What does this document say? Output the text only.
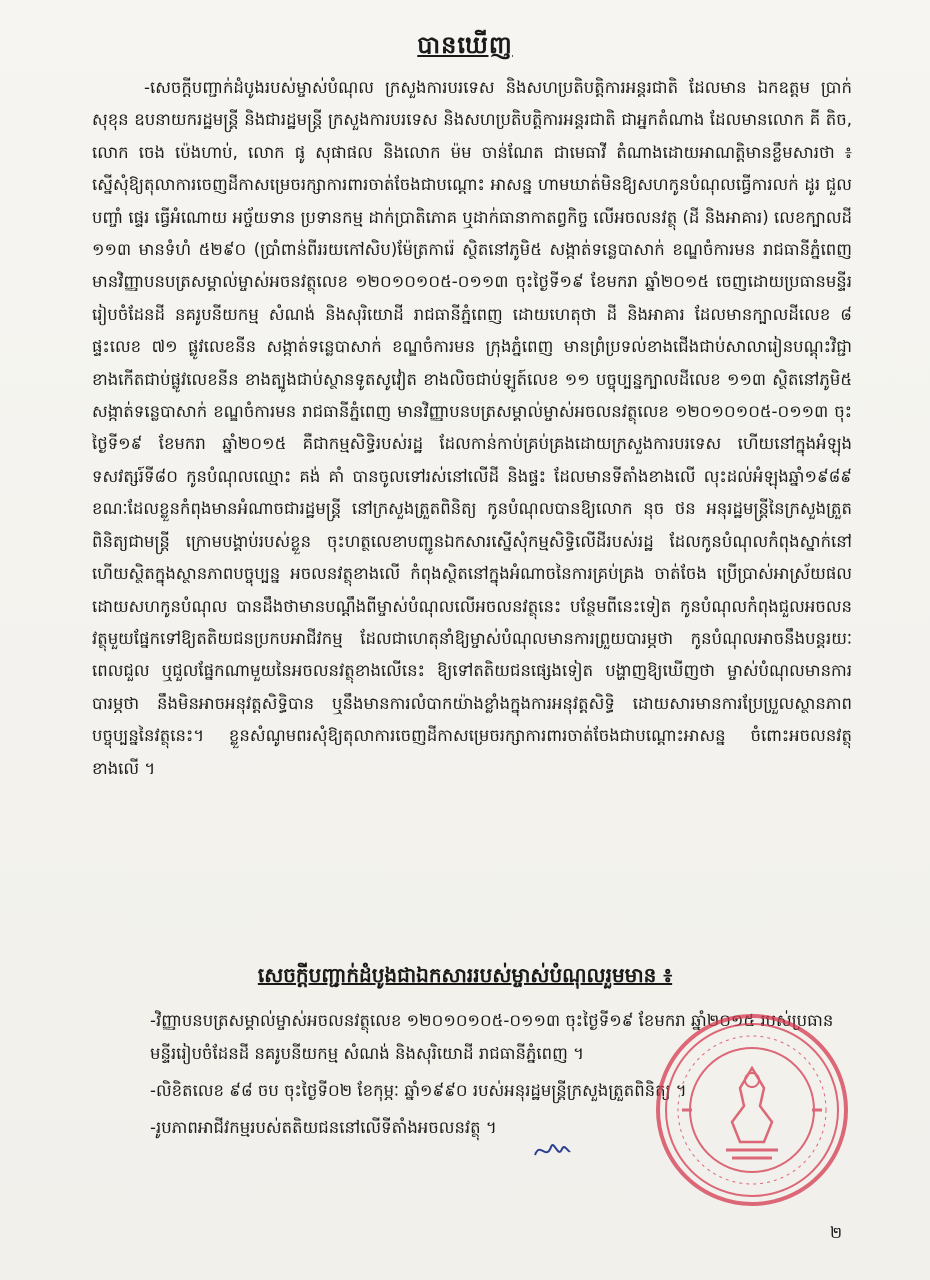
បានឃើញ

-សេចក្តីបញ្ជាក់ដំបូងរបស់ម្ចាស់បំណុល ក្រសួងការបរទេស និងសហប្រតិបត្តិការអន្តរជាតិ ដែលមាន ឯកឧត្តម ប្រាក់ សុខុន ឧបនាយករដ្ឋមន្ត្រី និងជារដ្ឋមន្ត្រី ក្រសួងការបរទេស និងសហប្រតិបត្តិការអន្តរជាតិ ជាអ្នកតំណាង ដែលមានលោក គី តិច, លោក ចេង ប៉េងហាប់, លោក ផូ សុផាផល និងលោក ម៉ម ចាន់ណែត ជាមេធាវី តំណាងដោយអាណត្តិមានខ្លឹមសារថា ៖ ស្នើសុំឱ្យតុលាការចេញដីកាសម្រេចរក្សាការពារចាត់ចែងជាបណ្តោះ អាសន្ន ហាមឃាត់មិនឱ្យសហកូនបំណុលធ្វើការលក់ ដូរ ជួល បញ្ចាំ ផ្ទេរ ធ្វើអំណោយ អច្ច័យទាន ប្រទានកម្ម ដាក់ប្រាតិភោគ ឬដាក់ធានាកាតព្វកិច្ច លើអចលនវត្ថុ (ដី និងអាគារ) លេខក្បាលដី ១១៣ មានទំហំ ៥២៩០ (ប្រាំពាន់ពីររយកៅសិប)ម៉ែត្រការ៉េ ស្ថិតនៅភូមិ៥ សង្កាត់ទន្លេបាសាក់ ខណ្ឌចំការមន រាជធានីភ្នំពេញ មានវិញ្ញាបនបត្រសម្គាល់ម្ចាស់អចនវត្ថុលេខ ១២០១០១០៥-០១១៣ ចុះថ្ងៃទី១៩ ខែមករា ឆ្នាំ២០១៥ ចេញដោយប្រធានមន្ទីររៀបចំដែនដី នគរូបនីយកម្ម សំណង់ និងសុរិយោដី រាជធានីភ្នំពេញ ដោយហេតុថា ដី និងអាគារ ដែលមានក្បាលដីលេខ ៨ ផ្ទះលេខ ៧១ ផ្លូវលេខនីន សង្កាត់ទន្លេបាសាក់ ខណ្ឌចំការមន ក្រុងភ្នំពេញ មានព្រំប្រទល់ខាងជើងជាប់សាលារៀនបណ្តុះវិជ្ជា ខាងកើតជាប់ផ្លូវលេខនីន ខាងត្បូងជាប់ស្ថានទូតសូវៀត ខាងលិចជាប់ឡូត៍លេខ ១១ បច្ចុប្បន្នក្បាលដីលេខ ១១៣ ស្ថិតនៅភូមិ៥ សង្កាត់ទន្លេបាសាក់ ខណ្ឌចំការមន រាជធានីភ្នំពេញ មានវិញ្ញាបនបត្រសម្គាល់ម្ចាស់អចលនវត្ថុលេខ ១២០១០១០៥-០១១៣ ចុះថ្ងៃទី១៩ ខែមករា ឆ្នាំ២០១៥ គឺជាកម្មសិទ្ធិរបស់រដ្ឋ ដែលកាន់កាប់គ្រប់គ្រងដោយក្រសួងការបរទេស ហើយនៅក្នុងអំឡុងទសវត្សរ៍ទី៨០ កូនបំណុលឈ្មោះ គង់ គាំ បានចូលទៅរស់នៅលើដី និងផ្ទះ ដែលមានទីតាំងខាងលើ លុះដល់អំឡុងឆ្នាំ១៩៨៩ ខណៈដែលខ្លួនកំពុងមានអំណាចជារដ្ឋមន្ត្រី នៅក្រសួងត្រួតពិនិត្យ កូនបំណុលបានឱ្យលោក នុច ថន អនុរដ្ឋមន្ត្រីនៃក្រសួងត្រួតពិនិត្យជាមន្ត្រី ក្រោមបង្គាប់របស់ខ្លួន ចុះហត្ថលេខាបញ្ជូនឯកសារស្នើសុំកម្មសិទ្ធិលើដីរបស់រដ្ឋ ដែលកូនបំណុលកំពុងស្នាក់នៅ ហើយស្ថិតក្នុងស្ថានភាពបច្ចុប្បន្ន អចលនវត្ថុខាងលើ កំពុងស្ថិតនៅក្នុងអំណាចនៃការគ្រប់គ្រង ចាត់ចែង ប្រើប្រាស់អាស្រ័យផល ដោយសហកូនបំណុល បានដឹងថាមានបណ្តឹងពីម្ចាស់បំណុលលើអចលនវត្ថុនេះ បន្ថែមពីនេះទៀត កូនបំណុលកំពុងជួលអចលនវត្ថុមួយផ្នែកទៅឱ្យតតិយជនប្រកបអាជីវកម្ម ដែលជាហេតុនាំឱ្យម្ចាស់បំណុលមានការព្រួយបារម្ភថា កូនបំណុលអាចនឹងបន្តរយៈពេលជួល ឬជួលផ្នែកណាមួយនៃអចលនវត្ថុខាងលើនេះ ឱ្យទៅតតិយជនផ្សេងទៀត បង្ហាញឱ្យឃើញថា ម្ចាស់បំណុលមានការបារម្ភថា នឹងមិនអាចអនុវត្តសិទ្ធិបាន ឬនឹងមានការលំបាកយ៉ាងខ្លាំងក្នុងការអនុវត្តសិទ្ធិ ដោយសារមានការប្រែប្រួលស្ថានភាពបច្ចុប្បន្ននៃវត្ថុនេះ។ ខ្លួនសំណូមពរសុំឱ្យតុលាការចេញដីកាសម្រេចរក្សាការពារចាត់ចែងជាបណ្តោះអាសន្ន ចំពោះអចលនវត្ថុខាងលើ ។

សេចក្តីបញ្ជាក់ដំបូងជាឯកសាររបស់ម្ចាស់បំណុលរួមមាន ៖
-វិញ្ញាបនបត្រសម្គាល់ម្ចាស់អចលនវត្ថុលេខ ១២០១០១០៥-០១១៣ ចុះថ្ងៃទី១៩ ខែមករា ឆ្នាំ២០១៥ របស់ប្រធានមន្ទីររៀបចំដែនដី នគរូបនីយកម្ម សំណង់ និងសុរិយោដី រាជធានីភ្នំពេញ ។
-លិខិតលេខ ៩៨ ចប ចុះថ្ងៃទី០២ ខែកុម្ភៈ ឆ្នាំ១៩៩០ របស់អនុរដ្ឋមន្ត្រីក្រសួងត្រួតពិនិត្យ ។
-រូបភាពអាជីវកម្មរបស់តតិយជននៅលើទីតាំងអចលនវត្ថុ ។
២
